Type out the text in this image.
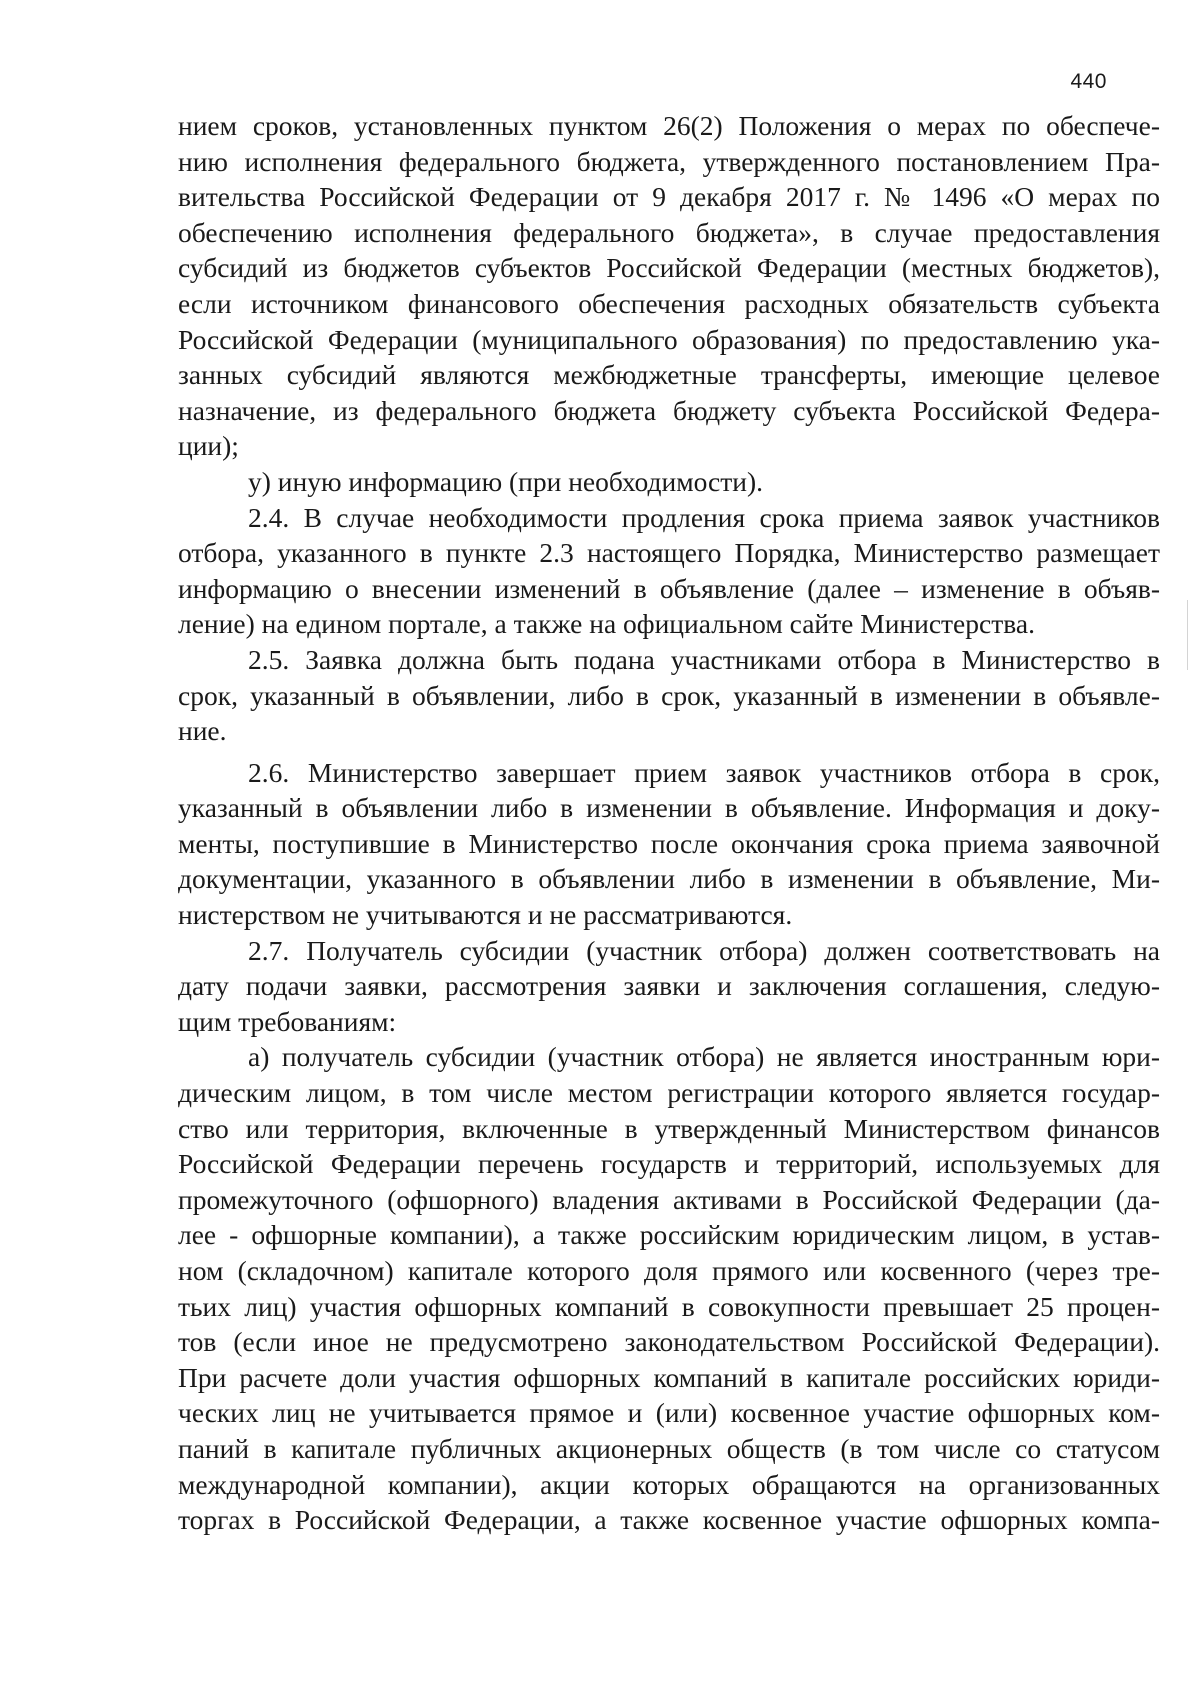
440
нием сроков, установленных пунктом 26(2) Положения о мерах по обеспече-
нию исполнения федерального бюджета, утвержденного постановлением Пра-
вительства Российской Федерации от 9 декабря 2017 г. № 1496 «О мерах по
обеспечению исполнения федерального бюджета», в случае предоставления
субсидий из бюджетов субъектов Российской Федерации (местных бюджетов),
если источником финансового обеспечения расходных обязательств субъекта
Российской Федерации (муниципального образования) по предоставлению ука-
занных субсидий являются межбюджетные трансферты, имеющие целевое
назначение, из федерального бюджета бюджету субъекта Российской Федера-
ции);
у) иную информацию (при необходимости).
2.4. В случае необходимости продления срока приема заявок участников
отбора, указанного в пункте 2.3 настоящего Порядка, Министерство размещает
информацию о внесении изменений в объявление (далее – изменение в объяв-
ление) на едином портале, а также на официальном сайте Министерства.
2.5. Заявка должна быть подана участниками отбора в Министерство в
срок, указанный в объявлении, либо в срок, указанный в изменении в объявле-
ние.
2.6. Министерство завершает прием заявок участников отбора в срок,
указанный в объявлении либо в изменении в объявление. Информация и доку-
менты, поступившие в Министерство после окончания срока приема заявочной
документации, указанного в объявлении либо в изменении в объявление, Ми-
нистерством не учитываются и не рассматриваются.
2.7. Получатель субсидии (участник отбора) должен соответствовать на
дату подачи заявки, рассмотрения заявки и заключения соглашения, следую-
щим требованиям:
а) получатель субсидии (участник отбора) не является иностранным юри-
дическим лицом, в том числе местом регистрации которого является государ-
ство или территория, включенные в утвержденный Министерством финансов
Российской Федерации перечень государств и территорий, используемых для
промежуточного (офшорного) владения активами в Российской Федерации (да-
лее - офшорные компании), а также российским юридическим лицом, в устав-
ном (складочном) капитале которого доля прямого или косвенного (через тре-
тьих лиц) участия офшорных компаний в совокупности превышает 25 процен-
тов (если иное не предусмотрено законодательством Российской Федерации).
При расчете доли участия офшорных компаний в капитале российских юриди-
ческих лиц не учитывается прямое и (или) косвенное участие офшорных ком-
паний в капитале публичных акционерных обществ (в том числе со статусом
международной компании), акции которых обращаются на организованных
торгах в Российской Федерации, а также косвенное участие офшорных компа-
